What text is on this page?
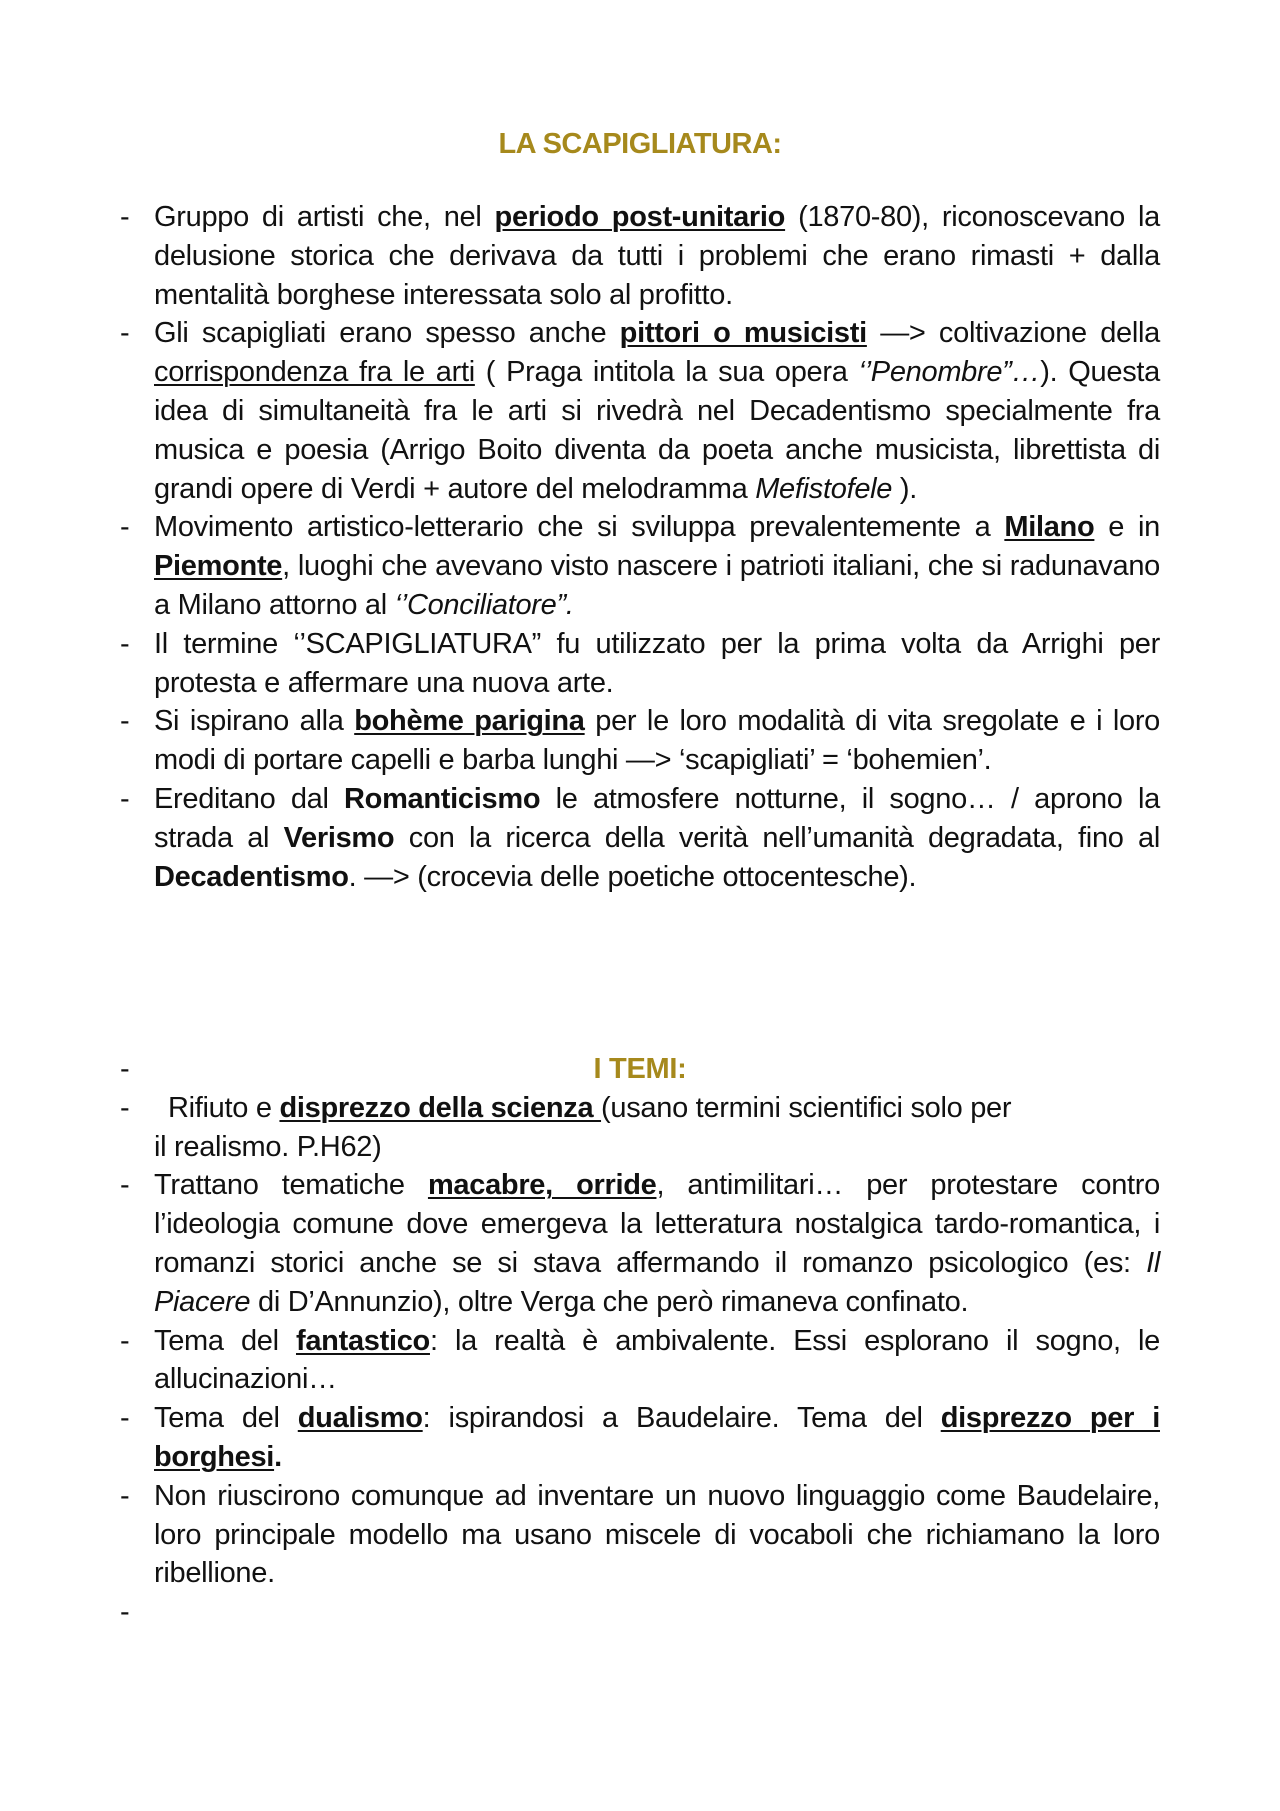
LA SCAPIGLIATURA:
- Gruppo di artisti che, nel periodo post-unitario (1870-80), riconoscevano la delusione storica che derivava da tutti i problemi che erano rimasti + dalla mentalità borghese interessata solo al profitto.
- Gli scapigliati erano spesso anche pittori o musicisti —> coltivazione della corrispondenza fra le arti ( Praga intitola la sua opera ‘’Penombre”…). Questa idea di simultaneità fra le arti si rivedrà nel Decadentismo specialmente fra musica e poesia (Arrigo Boito diventa da poeta anche musicista, librettista di grandi opere di Verdi + autore del melodramma Mefistofele ).
- Movimento artistico-letterario che si sviluppa prevalentemente a Milano e in Piemonte, luoghi che avevano visto nascere i patrioti italiani, che si radunavano a Milano attorno al ‘’Conciliatore”.
- Il termine ‘’SCAPIGLIATURA” fu utilizzato per la prima volta da Arrighi per protesta e affermare una nuova arte.
- Si ispirano alla bohème parigina per le loro modalità di vita sregolate e i loro modi di portare capelli e barba lunghi —> ‘scapigliati’ = ‘bohemien’.
- Ereditano dal Romanticismo le atmosfere notturne, il sogno… / aprono la strada al Verismo con la ricerca della verità nell’umanità degradata, fino al Decadentismo. —> (crocevia delle poetiche ottocentesche).
-	I TEMI:
- Rifiuto e disprezzo della scienza (usano termini scientifici solo per
il realismo. P.H62)
- Trattano tematiche macabre, orride, antimilitari… per protestare contro l’ideologia comune dove emergeva la letteratura nostalgica tardo-romantica, i romanzi storici anche se si stava affermando il romanzo psicologico (es: Il Piacere di D’Annunzio), oltre Verga che però rimaneva confinato.
- Tema del fantastico: la realtà è ambivalente. Essi esplorano il sogno, le allucinazioni…
- Tema del dualismo: ispirandosi a Baudelaire. Tema del disprezzo per i borghesi.
- Non riuscirono comunque ad inventare un nuovo linguaggio come Baudelaire, loro principale modello ma usano miscele di vocaboli che richiamano la loro ribellione.
-
